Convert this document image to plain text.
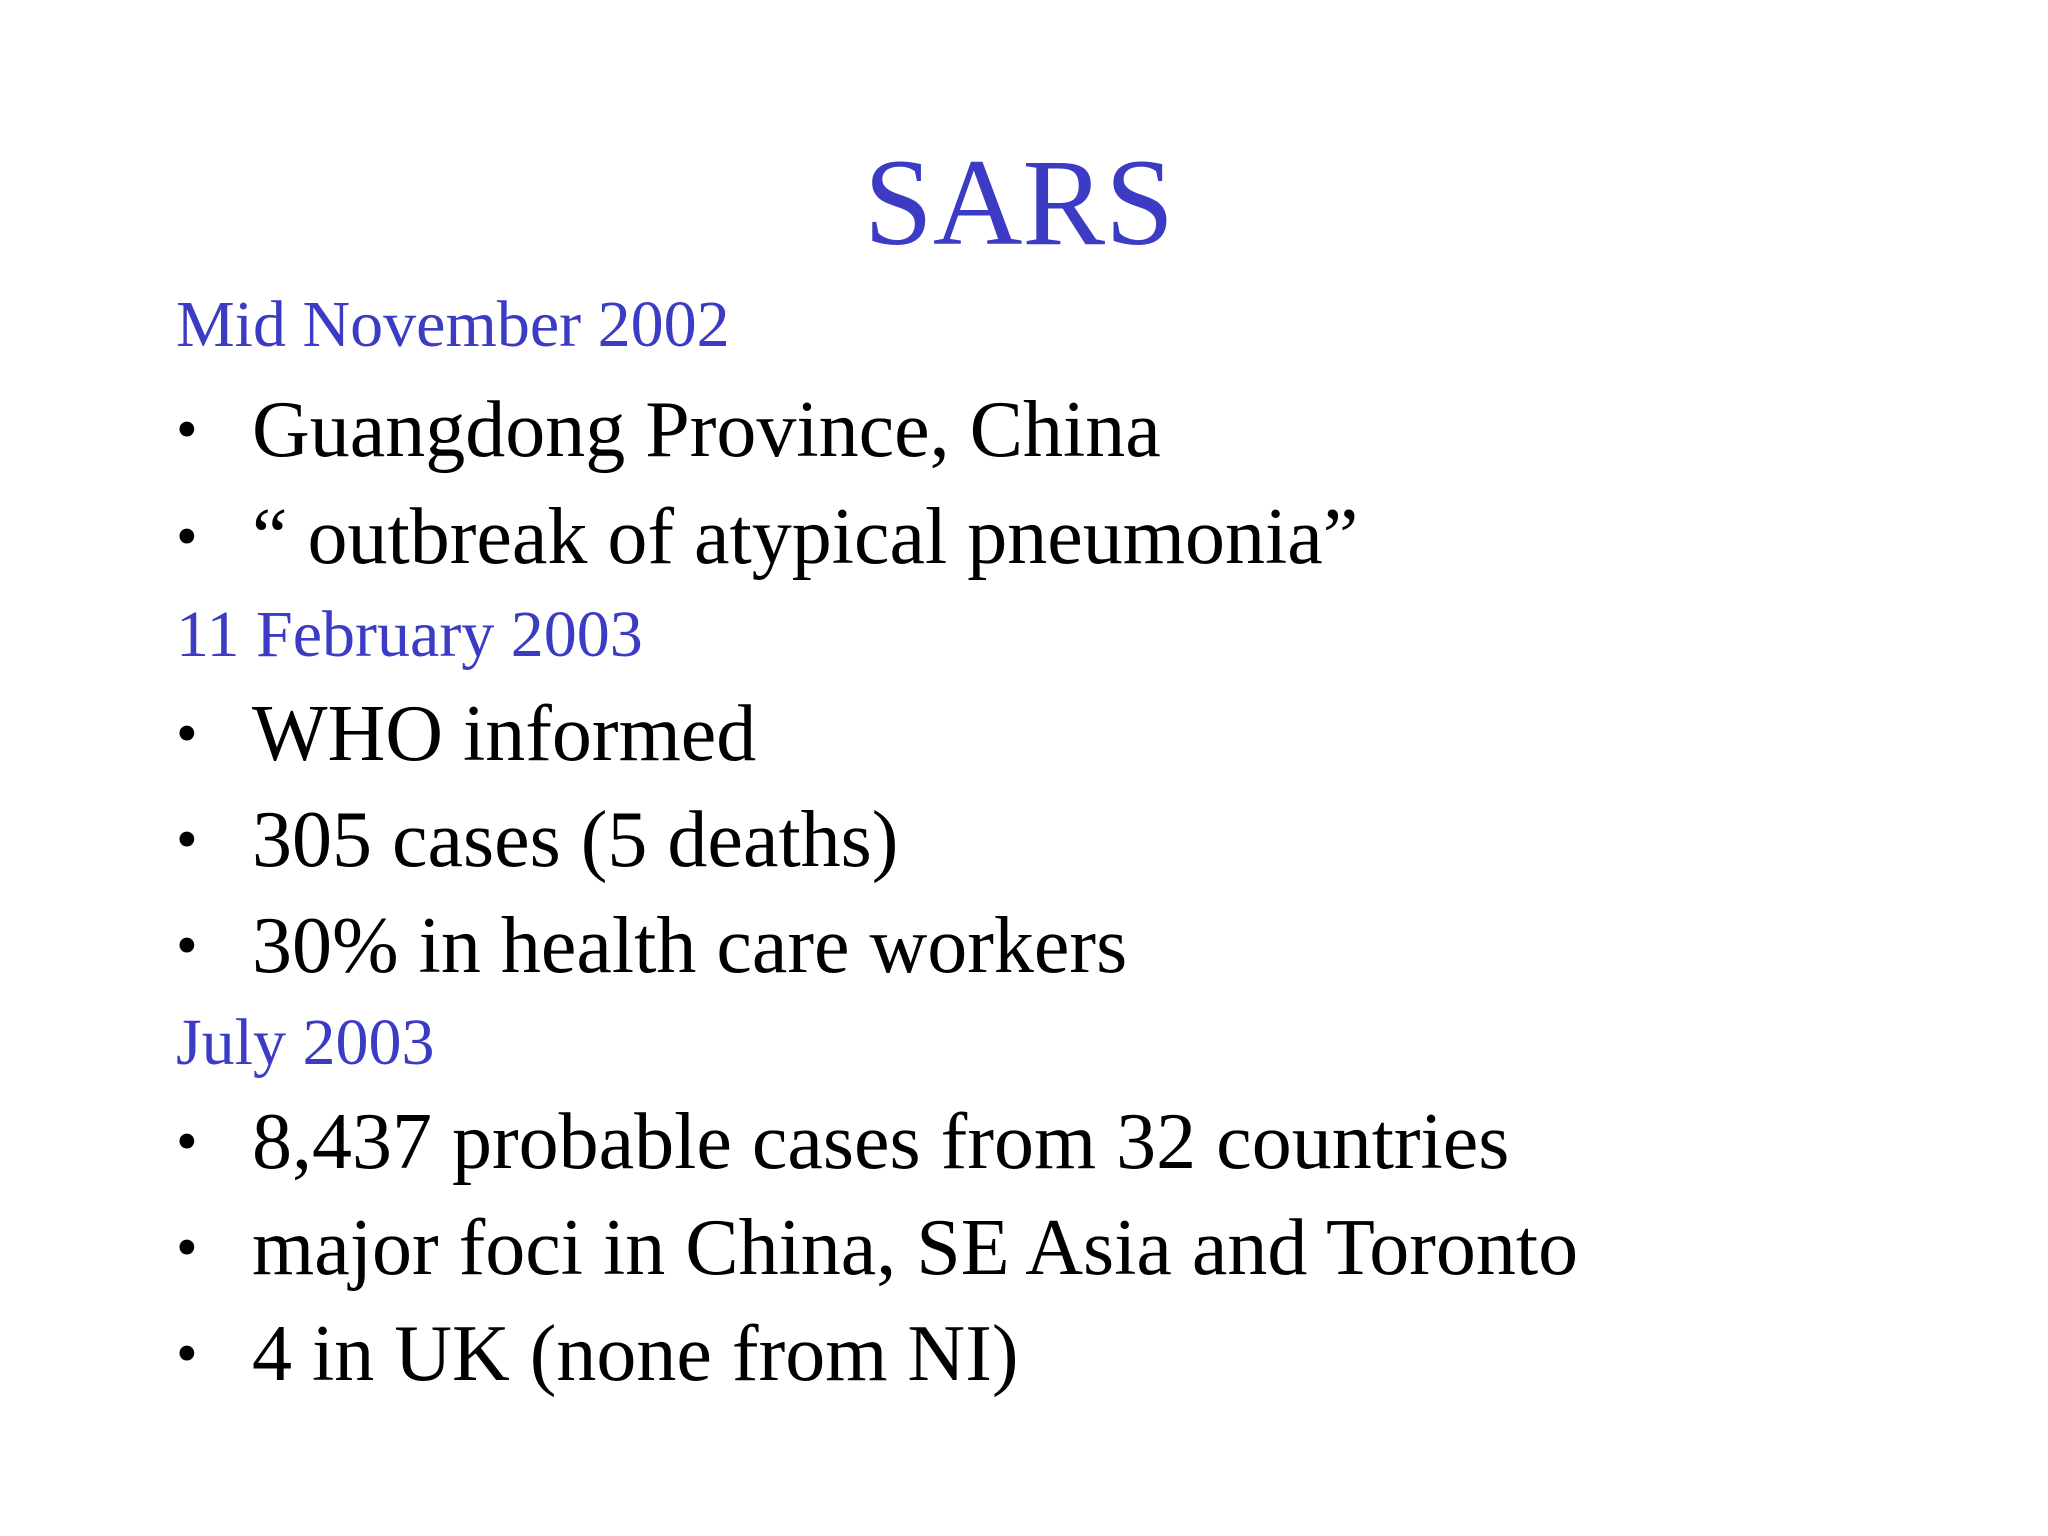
SARS
Mid November 2002
• Guangdong Province, China
• “ outbreak of atypical pneumonia”
11 February 2003
• WHO informed
• 305 cases (5 deaths)
• 30% in health care workers
July 2003
• 8,437 probable cases from 32 countries
• major foci in China, SE Asia and Toronto
• 4 in UK (none from NI)
